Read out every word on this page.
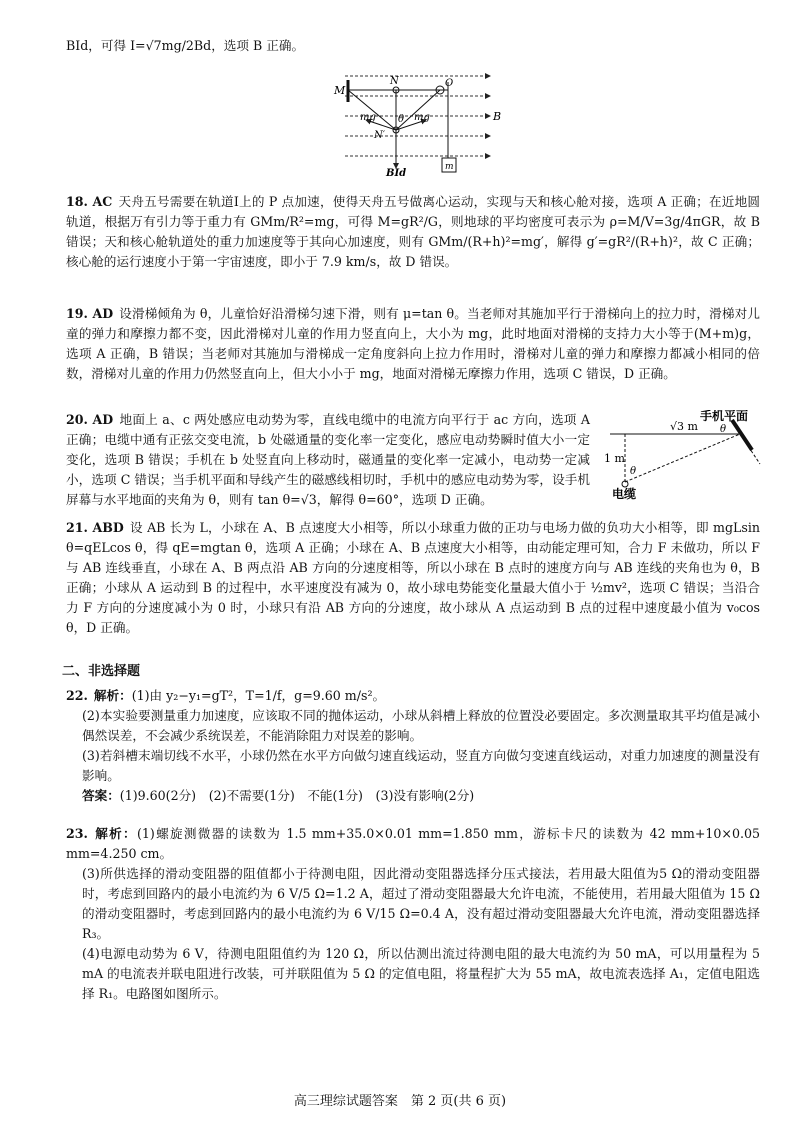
BId，可得 I=√7mg/2Bd，选项 B 正确。
M
N	O
B
mg	mg
θ
N′
BId
m
18. AC 天舟五号需要在轨道Ⅰ上的 P 点加速，使得天舟五号做离心运动，实现与天和核心舱对接，选项 A 正确；在近地圆轨道，根据万有引力等于重力有 GMm/R²=mg，可得 M=gR²/G，则地球的平均密度可表示为 ρ=M/V=3g/4πGR，故 B 错误；天和核心舱轨道处的重力加速度等于其向心加速度，则有 GMm/(R+h)²=mg′，解得 g′=gR²/(R+h)²，故 C 正确；核心舱的运行速度小于第一宇宙速度，即小于 7.9 km/s，故 D 错误。
19. AD 设滑梯倾角为 θ，儿童恰好沿滑梯匀速下滑，则有 μ=tan θ。当老师对其施加平行于滑梯向上的拉力时，滑梯对儿童的弹力和摩擦力都不变，因此滑梯对儿童的作用力竖直向上，大小为 mg，此时地面对滑梯的支持力大小等于(M+m)g，选项 A 正确，B 错误；当老师对其施加与滑梯成一定角度斜向上拉力作用时，滑梯对儿童的弹力和摩擦力都减小相同的倍数，滑梯对儿童的作用力仍然竖直向上，但大小小于 mg，地面对滑梯无摩擦力作用，选项 C 错误，D 正确。
20. AD 地面上 a、c 两处感应电动势为零，直线电缆中的电流方向平行于 ac 方向，选项 A 正确；电缆中通有正弦交变电流，b 处磁通量的变化率一定变化，感应电动势瞬时值大小一定变化，选项 B 错误；手机在 b 处竖直向上移动时，磁通量的变化率一定减小，电动势一定减小，选项 C 错误；当手机平面和导线产生的磁感线相切时，手机中的感应电动势为零，设手机屏幕与水平地面的夹角为 θ，则有 tan θ=√3，解得 θ=60°，选项 D 正确。
手机平面
√3 m θ
1 m
θ
电缆
21. ABD 设 AB 长为 L，小球在 A、B 点速度大小相等，所以小球重力做的正功与电场力做的负功大小相等，即 mgLsin θ=qELcos θ，得 qE=mgtan θ，选项 A 正确；小球在 A、B 点速度大小相等，由动能定理可知，合力 F 未做功，所以 F 与 AB 连线垂直，小球在 A、B 两点沿 AB 方向的分速度相等，所以小球在 B 点时的速度方向与 AB 连线的夹角也为 θ，B 正确；小球从 A 运动到 B 的过程中，水平速度没有减为 0，故小球电势能变化量最大值小于 ½mv²，选项 C 错误；当沿合力 F 方向的分速度减小为 0 时，小球只有沿 AB 方向的分速度，故小球从 A 点运动到 B 点的过程中速度最小值为 v₀cos θ，D 正确。
二、非选择题
22. 解析：(1)由 y₂−y₁=gT²，T=1/f，g=9.60 m/s²。
(2)本实验要测量重力加速度，应该取不同的抛体运动，小球从斜槽上释放的位置没必要固定。多次测量取其平均值是减小偶然误差，不会减少系统误差，不能消除阻力对误差的影响。
(3)若斜槽末端切线不水平，小球仍然在水平方向做匀速直线运动，竖直方向做匀变速直线运动，对重力加速度的测量没有影响。
答案：(1)9.60(2分)　(2)不需要(1分)　不能(1分)　(3)没有影响(2分)
23. 解析：(1)螺旋测微器的读数为 1.5 mm+35.0×0.01 mm=1.850 mm，游标卡尺的读数为 42 mm+10×0.05 mm=4.250 cm。
(3)所供选择的滑动变阻器的阻值都小于待测电阻，因此滑动变阻器选择分压式接法，若用最大阻值为5 Ω的滑动变阻器时，考虑到回路内的最小电流约为 6 V/5 Ω=1.2 A，超过了滑动变阻器最大允许电流，不能使用，若用最大阻值为 15 Ω 的滑动变阻器时，考虑到回路内的最小电流约为 6 V/15 Ω=0.4 A，没有超过滑动变阻器最大允许电流，滑动变阻器选择 R₃。
(4)电源电动势为 6 V，待测电阻阻值约为 120 Ω，所以估测出流过待测电阻的最大电流约为 50 mA，可以用量程为 5 mA 的电流表并联电阻进行改装，可并联阻值为 5 Ω 的定值电阻，将量程扩大为 55 mA，故电流表选择 A₁，定值电阻选择 R₁。电路图如图所示。
高三理综试题答案　第 2 页(共 6 页)
